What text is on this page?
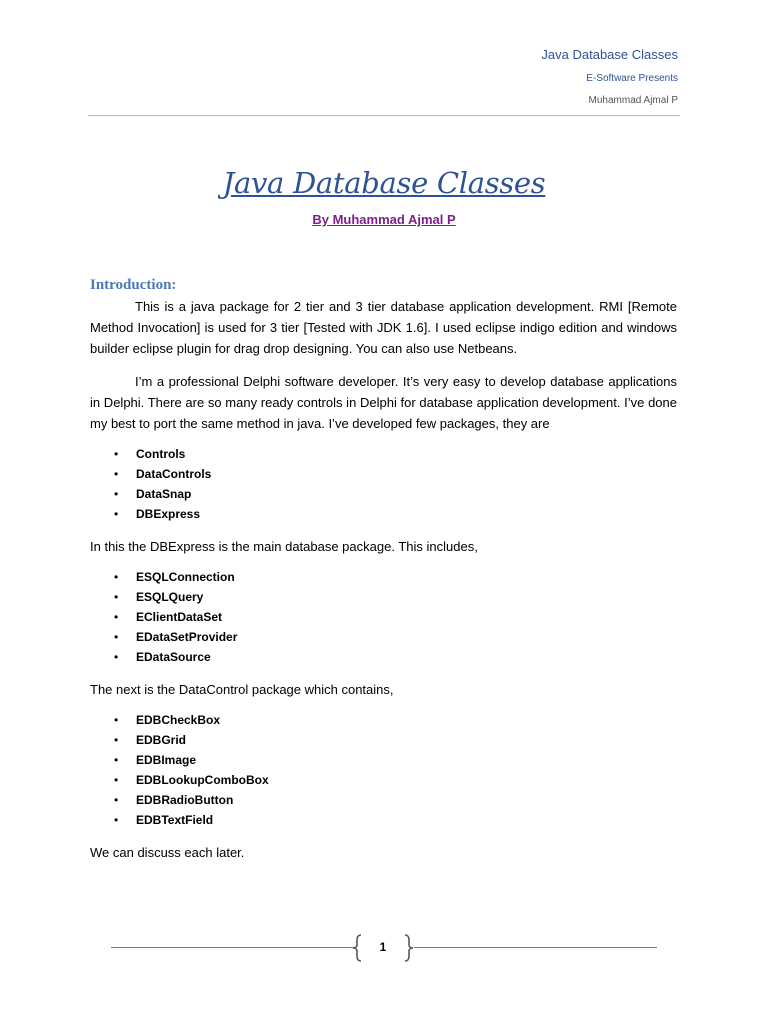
Java Database Classes
E-Software Presents
Muhammad Ajmal P
Java Database Classes
By Muhammad Ajmal P
Introduction:

This is a java package for 2 tier and 3 tier database application development. RMI [Remote Method Invocation] is used for 3 tier [Tested with JDK 1.6]. I used eclipse indigo edition and windows builder eclipse plugin for drag drop designing. You can also use Netbeans.

I’m a professional Delphi software developer. It’s very easy to develop database applications in Delphi. There are so many ready controls in Delphi for database application development. I’ve done my best to port the same method in java. I’ve developed few packages, they are

• Controls
• DataControls
• DataSnap
• DBExpress

In this the DBExpress is the main database package. This includes,

• ESQLConnection
• ESQLQuery
• EClientDataSet
• EDataSetProvider
• EDataSource

The next is the DataControl package which contains,

• EDBCheckBox
• EDBGrid
• EDBImage
• EDBLookupComboBox
• EDBRadioButton
• EDBTextField

We can discuss each later.

1
